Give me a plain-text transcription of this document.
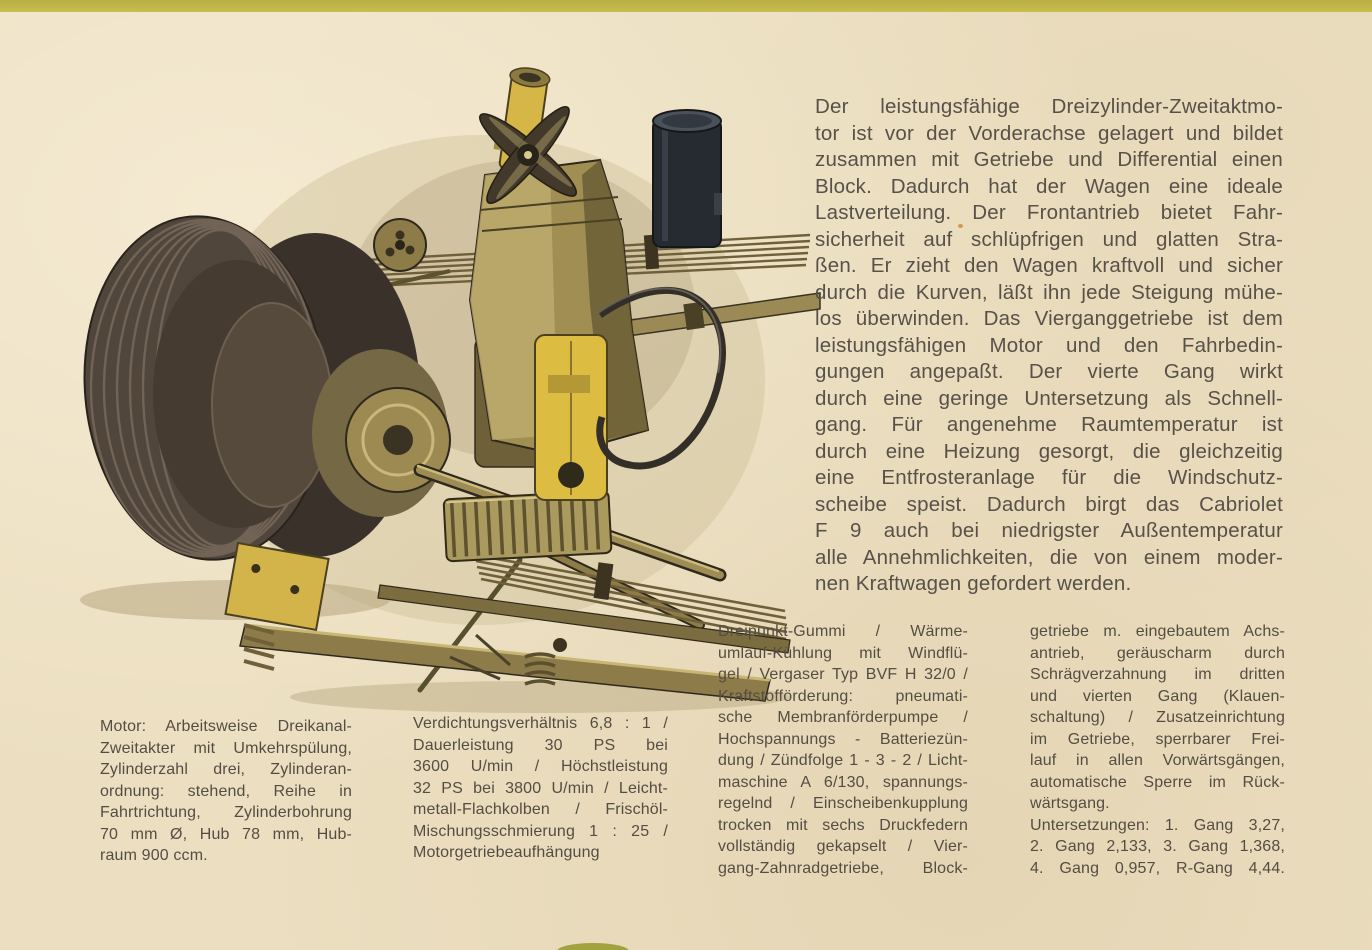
Der leistungsfähige Dreizylinder-Zweitaktmo-
tor ist vor der Vorderachse gelagert und bildet
zusammen mit Getriebe und Differential einen
Block. Dadurch hat der Wagen eine ideale
Lastverteilung. Der Frontantrieb bietet Fahr-
sicherheit auf schlüpfrigen und glatten Stra-
ßen. Er zieht den Wagen kraftvoll und sicher
durch die Kurven, läßt ihn jede Steigung mühe-
los überwinden. Das Vierganggetriebe ist dem
leistungsfähigen Motor und den Fahrbedin-
gungen angepaßt. Der vierte Gang wirkt
durch eine geringe Untersetzung als Schnell-
gang. Für angenehme Raumtemperatur ist
durch eine Heizung gesorgt, die gleichzeitig
eine Entfrosteranlage für die Windschutz-
scheibe speist. Dadurch birgt das Cabriolet
F 9 auch bei niedrigster Außentemperatur
alle Annehmlichkeiten, die von einem moder-
nen Kraftwagen gefordert werden.
Motor: Arbeitsweise Dreikanal-
Zweitakter mit Umkehrspülung,
Zylinderzahl drei, Zylinderan-
ordnung: stehend, Reihe in
Fahrtrichtung, Zylinderbohrung
70 mm Ø, Hub 78 mm, Hub-
raum 900 ccm.
Verdichtungsverhältnis 6,8 : 1 /
Dauerleistung 30 PS bei
3600 U/min / Höchstleistung
32 PS bei 3800 U/min / Leicht-
metall-Flachkolben / Frischöl-
Mischungsschmierung 1 : 25 /
Motorgetriebeaufhängung
Dreipunkt-Gummi / Wärme-
umlauf-Kühlung mit Windflü-
gel / Vergaser Typ BVF H 32/0 /
Kraftstofförderung: pneumati-
sche Membranförderpumpe /
Hochspannungs - Batteriezün-
dung / Zündfolge 1 - 3 - 2 / Licht-
maschine A 6/130, spannungs-
regelnd / Einscheibenkupplung
trocken mit sechs Druckfedern
vollständig gekapselt / Vier-
gang-Zahnradgetriebe, Block-
getriebe m. eingebautem Achs-
antrieb, geräuscharm durch
Schrägverzahnung im dritten
und vierten Gang (Klauen-
schaltung) / Zusatzeinrichtung
im Getriebe, sperrbarer Frei-
lauf in allen Vorwärtsgängen,
automatische Sperre im Rück-
wärtsgang.
Untersetzungen: 1. Gang 3,27,
2. Gang 2,133, 3. Gang 1,368,
4. Gang 0,957, R-Gang 4,44.
